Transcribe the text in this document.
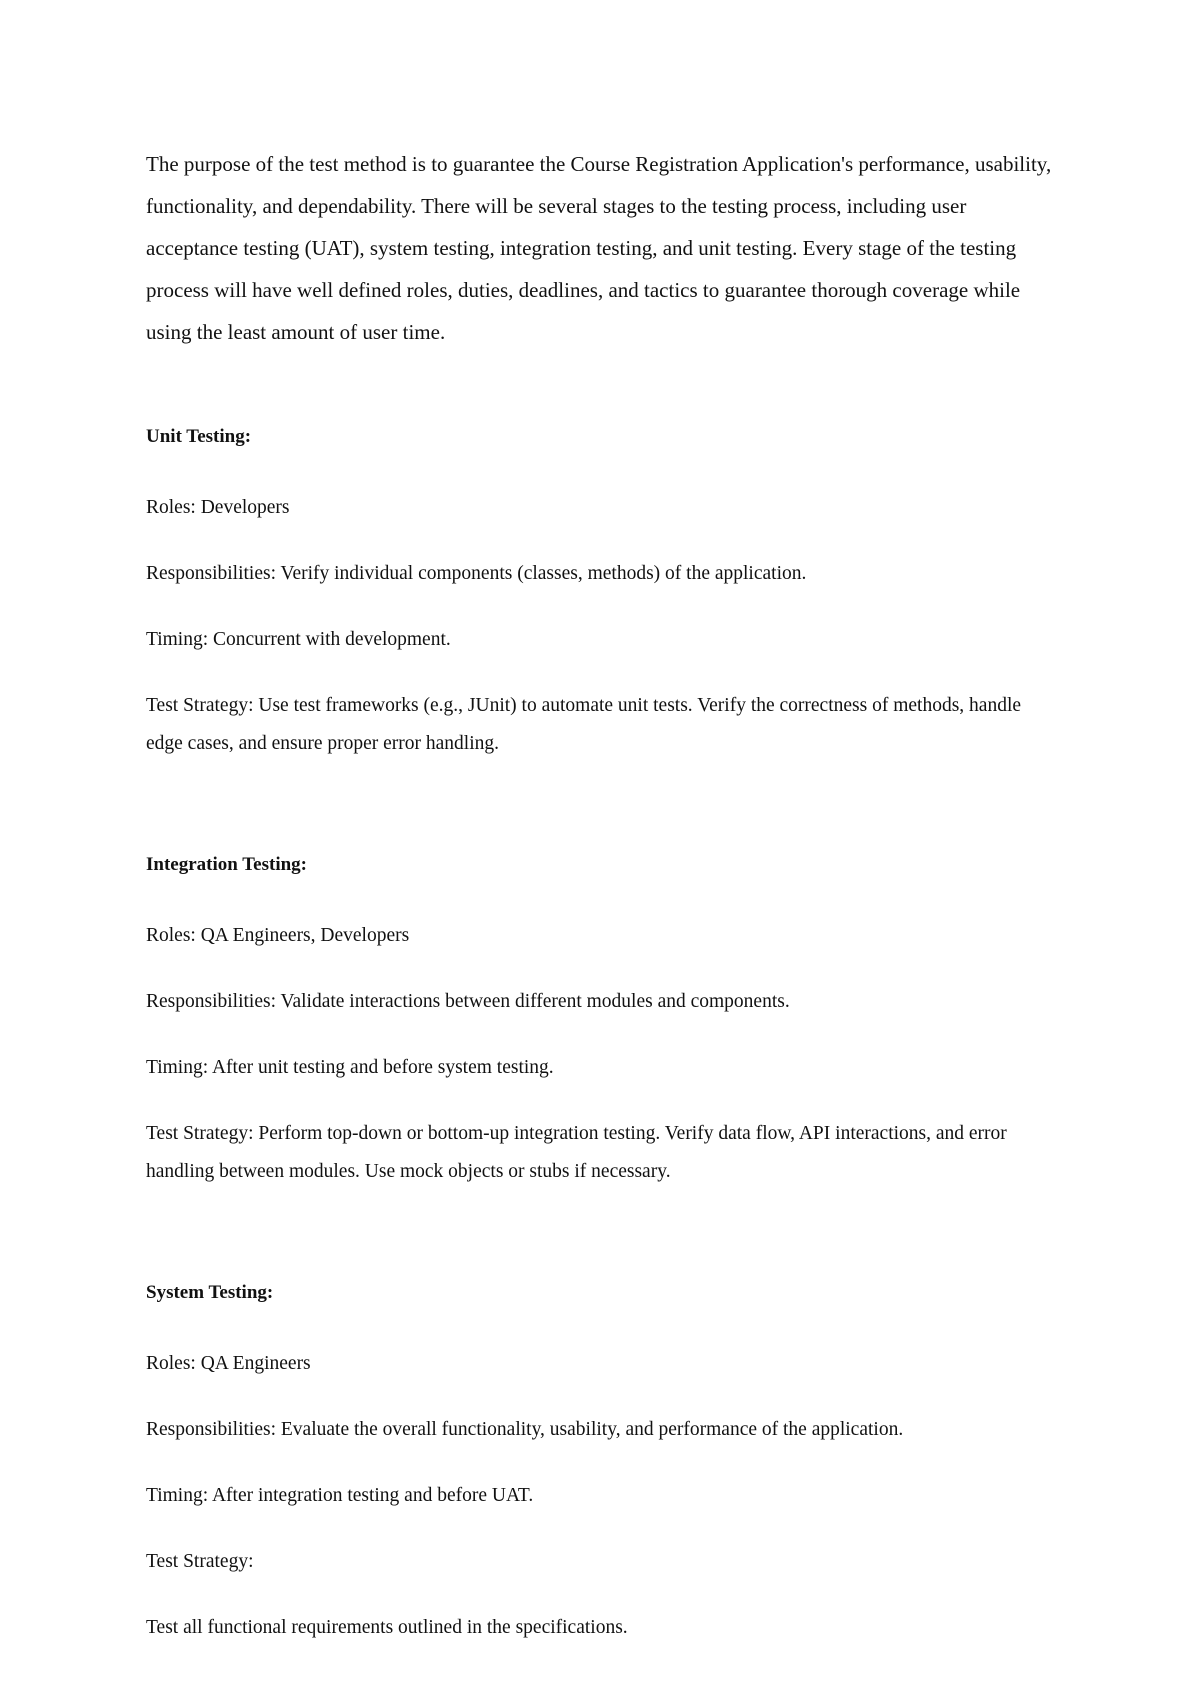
The purpose of the test method is to guarantee the Course Registration Application's performance, usability, functionality, and dependability. There will be several stages to the testing process, including user acceptance testing (UAT), system testing, integration testing, and unit testing. Every stage of the testing process will have well defined roles, duties, deadlines, and tactics to guarantee thorough coverage while using the least amount of user time.

Unit Testing:

Roles: Developers

Responsibilities: Verify individual components (classes, methods) of the application.

Timing: Concurrent with development.

Test Strategy: Use test frameworks (e.g., JUnit) to automate unit tests. Verify the correctness of methods, handle edge cases, and ensure proper error handling.

Integration Testing:

Roles: QA Engineers, Developers

Responsibilities: Validate interactions between different modules and components.

Timing: After unit testing and before system testing.

Test Strategy: Perform top-down or bottom-up integration testing. Verify data flow, API interactions, and error handling between modules. Use mock objects or stubs if necessary.

System Testing:

Roles: QA Engineers

Responsibilities: Evaluate the overall functionality, usability, and performance of the application.

Timing: After integration testing and before UAT.

Test Strategy:

Test all functional requirements outlined in the specifications.
